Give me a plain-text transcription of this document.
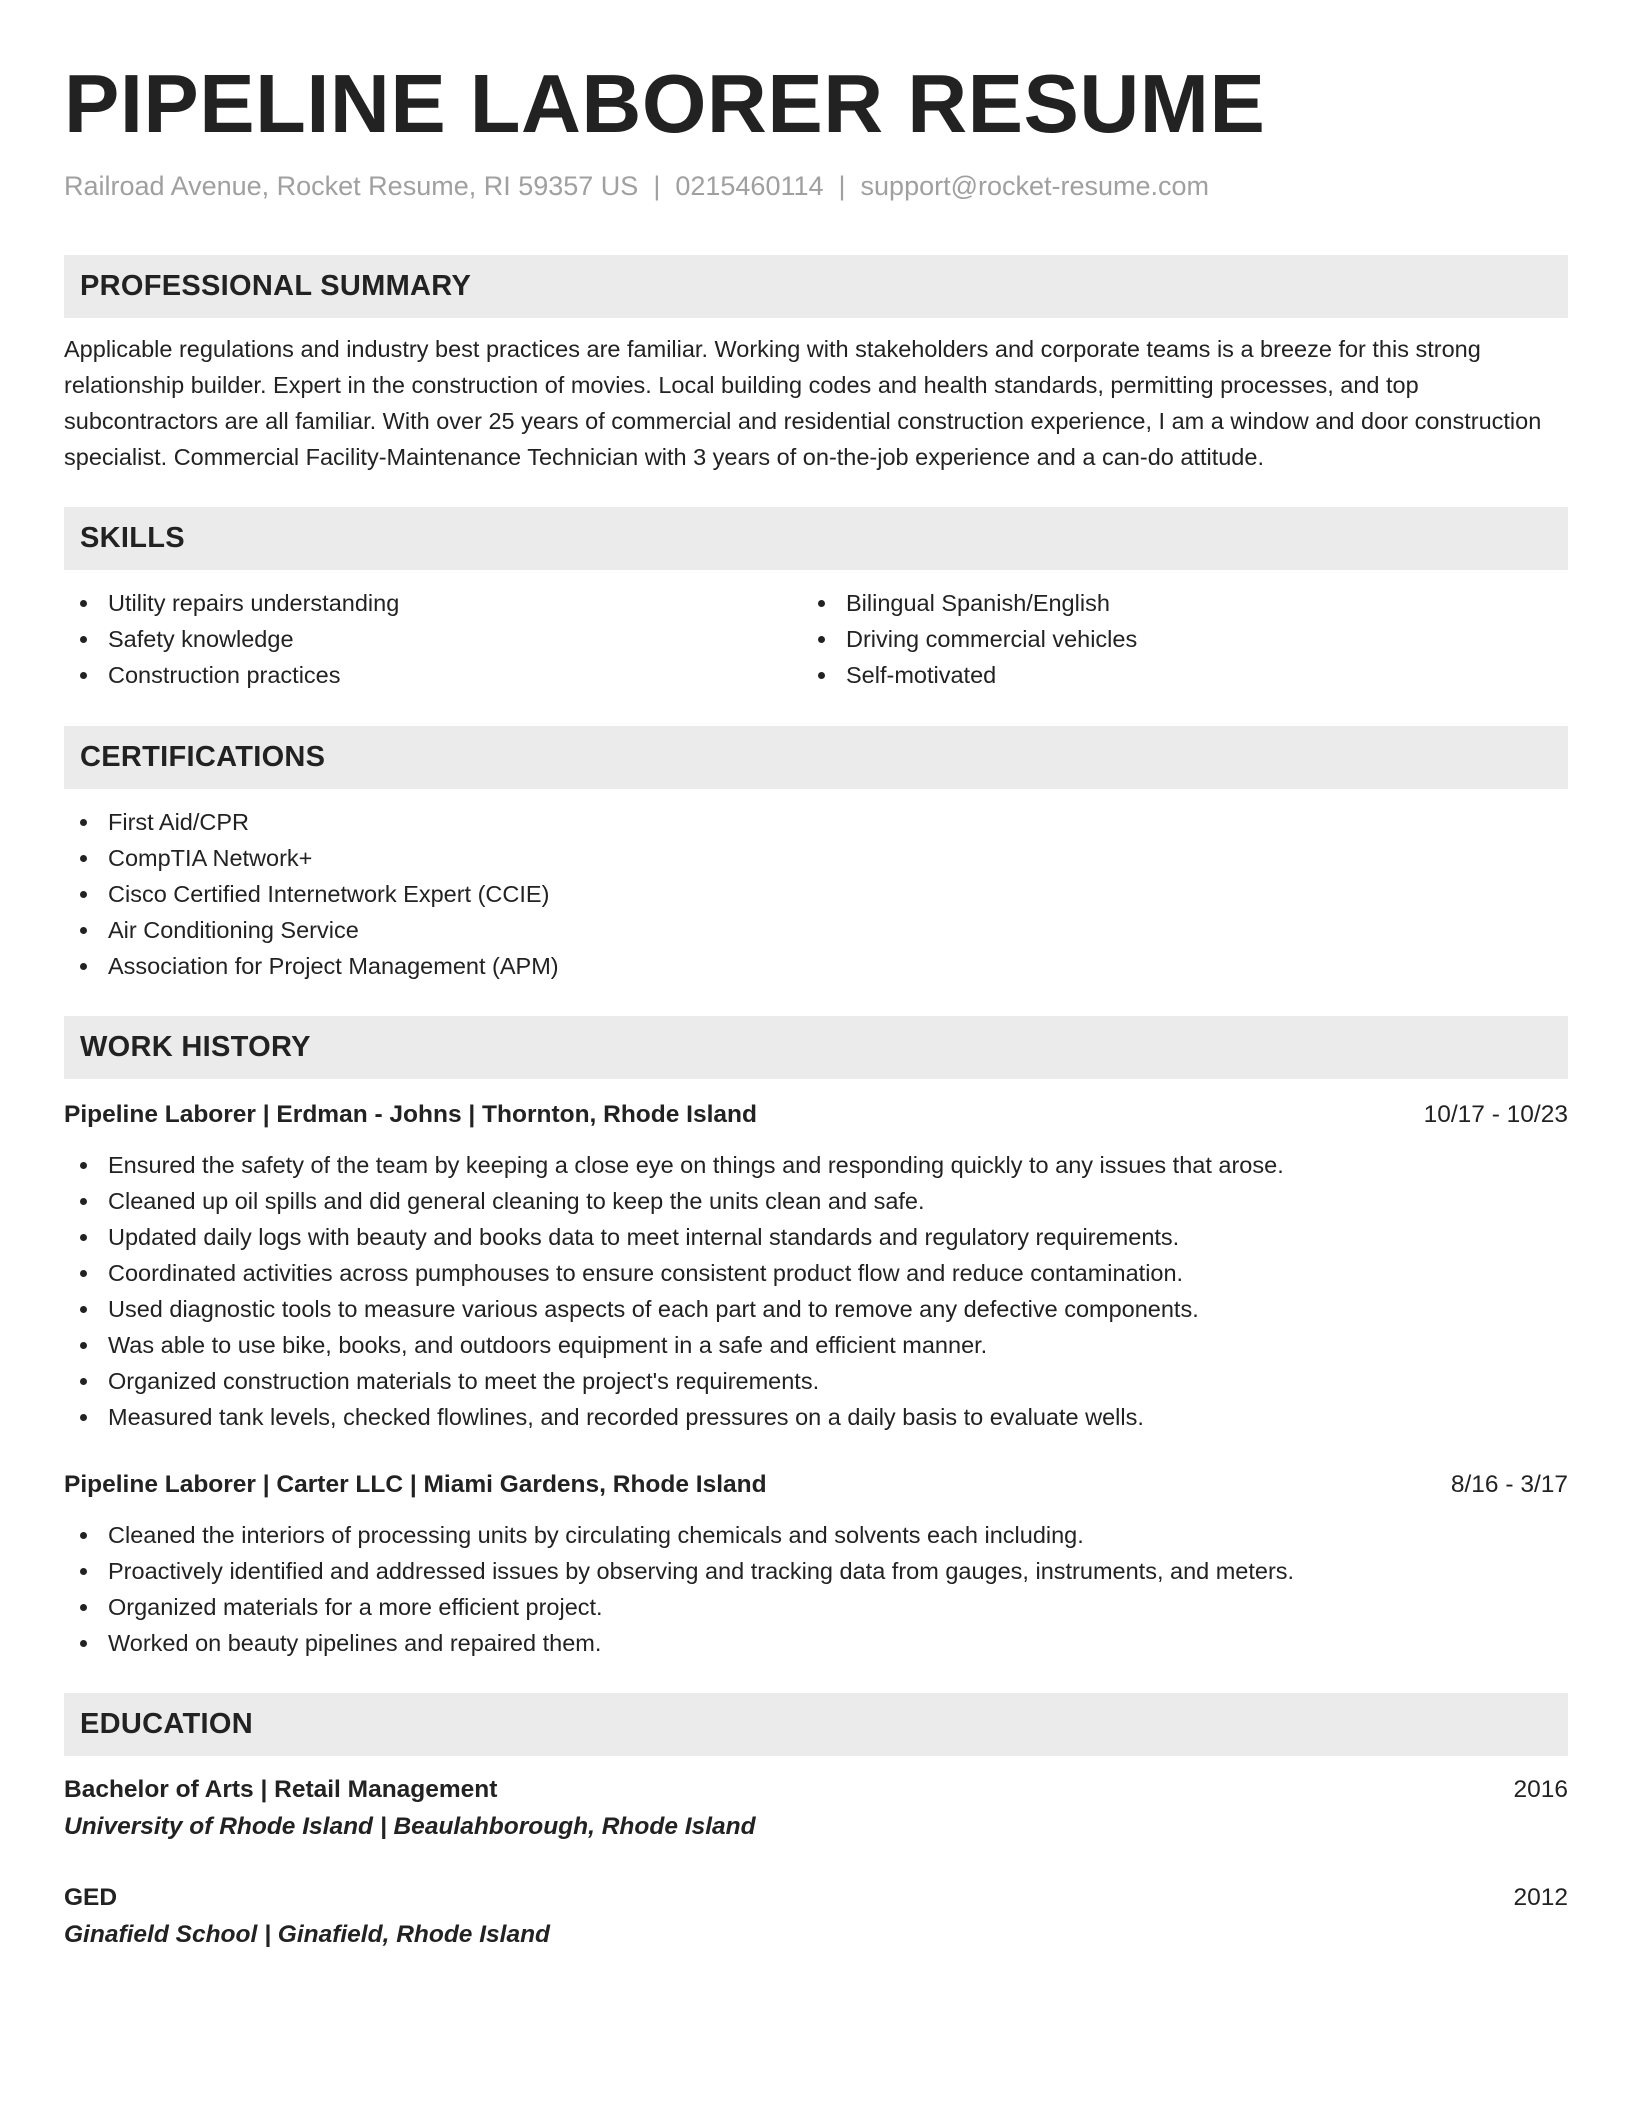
PIPELINE LABORER RESUME
Railroad Avenue, Rocket Resume, RI 59357 US | 0215460114 | support@rocket-resume.com
PROFESSIONAL SUMMARY
Applicable regulations and industry best practices are familiar. Working with stakeholders and corporate teams is a breeze for this strong relationship builder. Expert in the construction of movies. Local building codes and health standards, permitting processes, and top subcontractors are all familiar. With over 25 years of commercial and residential construction experience, I am a window and door construction specialist. Commercial Facility-Maintenance Technician with 3 years of on-the-job experience and a can-do attitude.
SKILLS
Utility repairs understanding
Safety knowledge
Construction practices
Bilingual Spanish/English
Driving commercial vehicles
Self-motivated
CERTIFICATIONS
First Aid/CPR
CompTIA Network+
Cisco Certified Internetwork Expert (CCIE)
Air Conditioning Service
Association for Project Management (APM)
WORK HISTORY
Pipeline Laborer | Erdman - Johns | Thornton, Rhode Island	10/17 - 10/23
Ensured the safety of the team by keeping a close eye on things and responding quickly to any issues that arose.
Cleaned up oil spills and did general cleaning to keep the units clean and safe.
Updated daily logs with beauty and books data to meet internal standards and regulatory requirements.
Coordinated activities across pumphouses to ensure consistent product flow and reduce contamination.
Used diagnostic tools to measure various aspects of each part and to remove any defective components.
Was able to use bike, books, and outdoors equipment in a safe and efficient manner.
Organized construction materials to meet the project's requirements.
Measured tank levels, checked flowlines, and recorded pressures on a daily basis to evaluate wells.
Pipeline Laborer | Carter LLC | Miami Gardens, Rhode Island	8/16 - 3/17
Cleaned the interiors of processing units by circulating chemicals and solvents each including.
Proactively identified and addressed issues by observing and tracking data from gauges, instruments, and meters.
Organized materials for a more efficient project.
Worked on beauty pipelines and repaired them.
EDUCATION
Bachelor of Arts | Retail Management	2016
University of Rhode Island | Beaulahborough, Rhode Island
GED	2012
Ginafield School | Ginafield, Rhode Island
